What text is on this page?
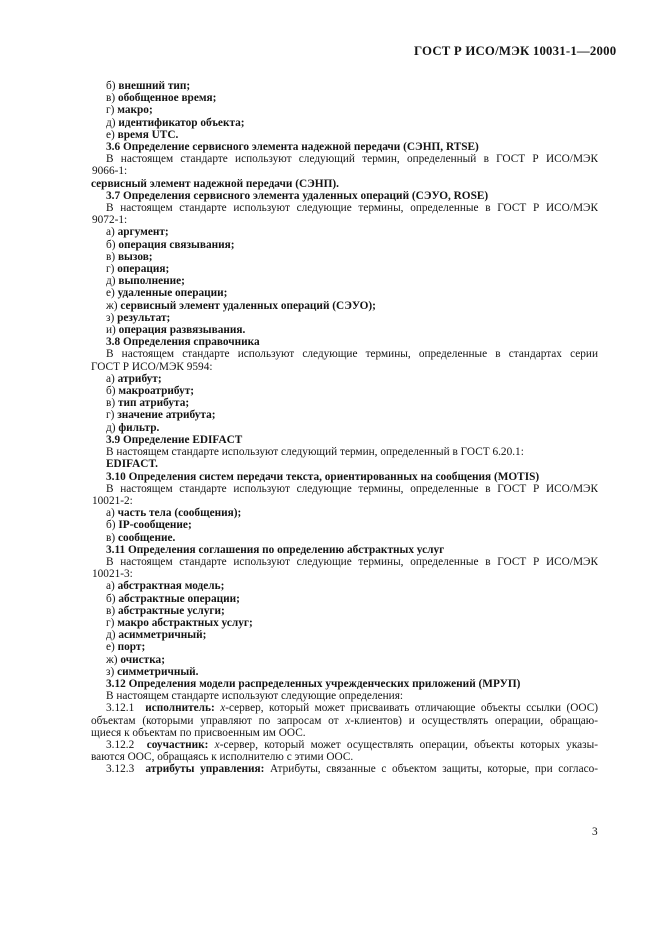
ГОСТ Р ИСО/МЭК 10031-1—2000
б) внешний тип;
в) обобщенное время;
г) макро;
д) идентификатор объекта;
е) время UTC.
3.6 Определение сервисного элемента надежной передачи (СЭНП, RTSE)
В настоящем стандарте используют следующий термин, определенный в ГОСТ Р ИСО/МЭК
9066-1:
сервисный элемент надежной передачи (СЭНП).
3.7 Определения сервисного элемента удаленных операций (СЭУО, ROSE)
В настоящем стандарте используют следующие термины, определенные в ГОСТ Р ИСО/МЭК
9072-1:
а) аргумент;
б) операция связывания;
в) вызов;
г) операция;
д) выполнение;
е) удаленные операции;
ж) сервисный элемент удаленных операций (СЭУО);
з) результат;
и) операция развязывания.
3.8 Определения справочника
В настоящем стандарте используют следующие термины, определенные в стандартах серии
ГОСТ Р ИСО/МЭК 9594:
а) атрибут;
б) макроатрибут;
в) тип атрибута;
г) значение атрибута;
д) фильтр.
3.9 Определение EDIFACT
В настоящем стандарте используют следующий термин, определенный в ГОСТ 6.20.1:
EDIFACT.
3.10 Определения систем передачи текста, ориентированных на сообщения (MOTIS)
В настоящем стандарте используют следующие термины, определенные в ГОСТ Р ИСО/МЭК
10021-2:
а) часть тела (сообщения);
б) IP-сообщение;
в) сообщение.
3.11 Определения соглашения по определению абстрактных услуг
В настоящем стандарте используют следующие термины, определенные в ГОСТ Р ИСО/МЭК
10021-3:
а) абстрактная модель;
б) абстрактные операции;
в) абстрактные услуги;
г) макро абстрактных услуг;
д) асимметричный;
е) порт;
ж) очистка;
з) симметричный.
3.12 Определения модели распределенных учрежденческих приложений (МРУП)
В настоящем стандарте используют следующие определения:
3.12.1 исполнитель: x-сервер, который может присваивать отличающие объекты ссылки (ООС)
объектам (которыми управляют по запросам от x-клиентов) и осуществлять операции, обращаю-
щиеся к объектам по присвоенным им ООС.
3.12.2 соучастник: x-сервер, который может осуществлять операции, объекты которых указы-
ваются ООС, обращаясь к исполнителю с этими ООС.
3.12.3 атрибуты управления: Атрибуты, связанные с объектом защиты, которые, при согласо-
3
